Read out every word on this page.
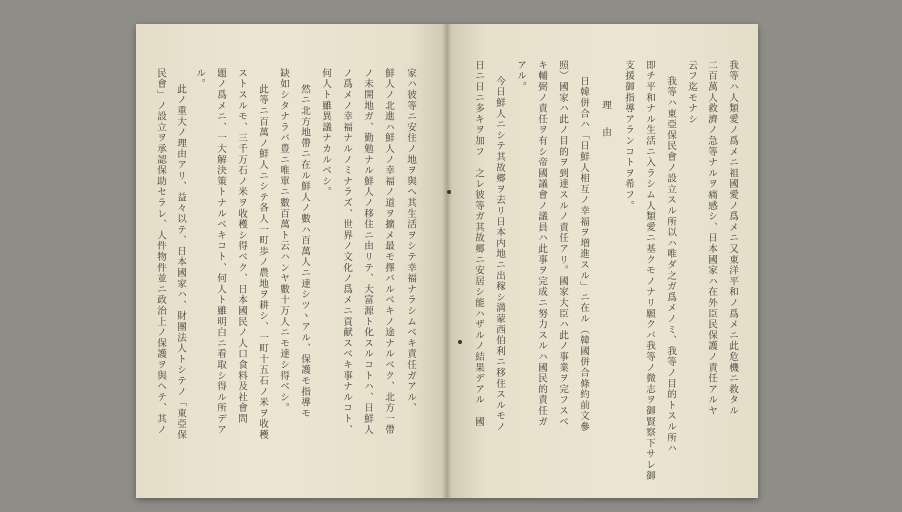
家ハ彼等ニ安住ノ地ヲ與ヘ其生活ヲシテ幸福ナラシムベキ責任ガアル、
鮮人ノ北進ハ鮮人ノ幸福ノ道ヲ擴メ最モ擇バルベキノ途ナルベク、北方一帶
ノ未開地ガ、勤勉ナル鮮人ノ移住ニ由リテ、大富源ト化スルコトハ、日鮮人
ノ爲メノ幸福ナルノミナラズ、世界ノ文化ノ爲メニ貢献スベキ事ナルコト、
何人ト雖異議ナカルベシ。
然ニ北方地帶ニ在ル鮮人ノ數ハ百萬人ニ達シツヽアル、保護モ指導モ
缺如シタナラバ豊ニ唯單ニ數百萬ト云ハンヤ數十万人ニモ達シ得ベシ。
此等ニ百萬ノ鮮人ニシテ各人一町歩ノ農地ヲ耕シ、一町十五石ノ米ヲ收穫
ストスルモ、三千万石ノ米ヲ收穫シ得ベク、日本國民ノ人口食料及社會問
題ノ爲メニ、一大解決策トナルベキコト、何人ト雖明白ニ看取シ得ル所デア
ル。
此ノ重大ノ理由アリ、益々以テ、日本國家ハ、財團法人トシテノ「東亞保
民會」ノ設立ヲ承認保助セラレ、人件物件並ニ政治上ノ保護ヲ與ヘテ、其ノ	我等ハ人類愛ノ爲メニ祖國愛ノ爲メニ又東洋平和ノ爲メニ此危機ニ救タル
二百萬人救濟ノ急等ナルヲ痛感シ、日本國家ハ在外臣民保護ノ責任アルヤ
云フ迄モナシ
我等ハ東亞保民會ノ設立スル所以ハ唯ダ之ガ爲メノミ、我等ノ目的トスル所ハ
即チ平和ナル生活ニ入ラシム人類愛ニ基クモノナリ願クバ我等ノ微志ヲ御賢察下サレ御
支援御指導アランコトヲ希フ。
理　由
日韓併合ハ「日鮮人相互ノ幸福ヲ増進スル」ニ在ル（韓國併合條約前文參
照）國家ハ此ノ目的ヲ到達スルノ責任アリ。國家大臣ハ此ノ事業ヲ完フスベ
キ輔弼ノ責任ヲ有シ帝國議會ノ議員ハ此事ヲ完成ニ努力スルハ國民的責任ガ
アル。
今日鮮人ニシテ其故郷ヲ去リ日本内地ニ出稼シ満蒙西伯利ニ移住スルモノ
日ニ日ニ多キヲ加フ　之レ彼等ガ其故郷ニ安居シ能ハザルノ結果デアル　國
